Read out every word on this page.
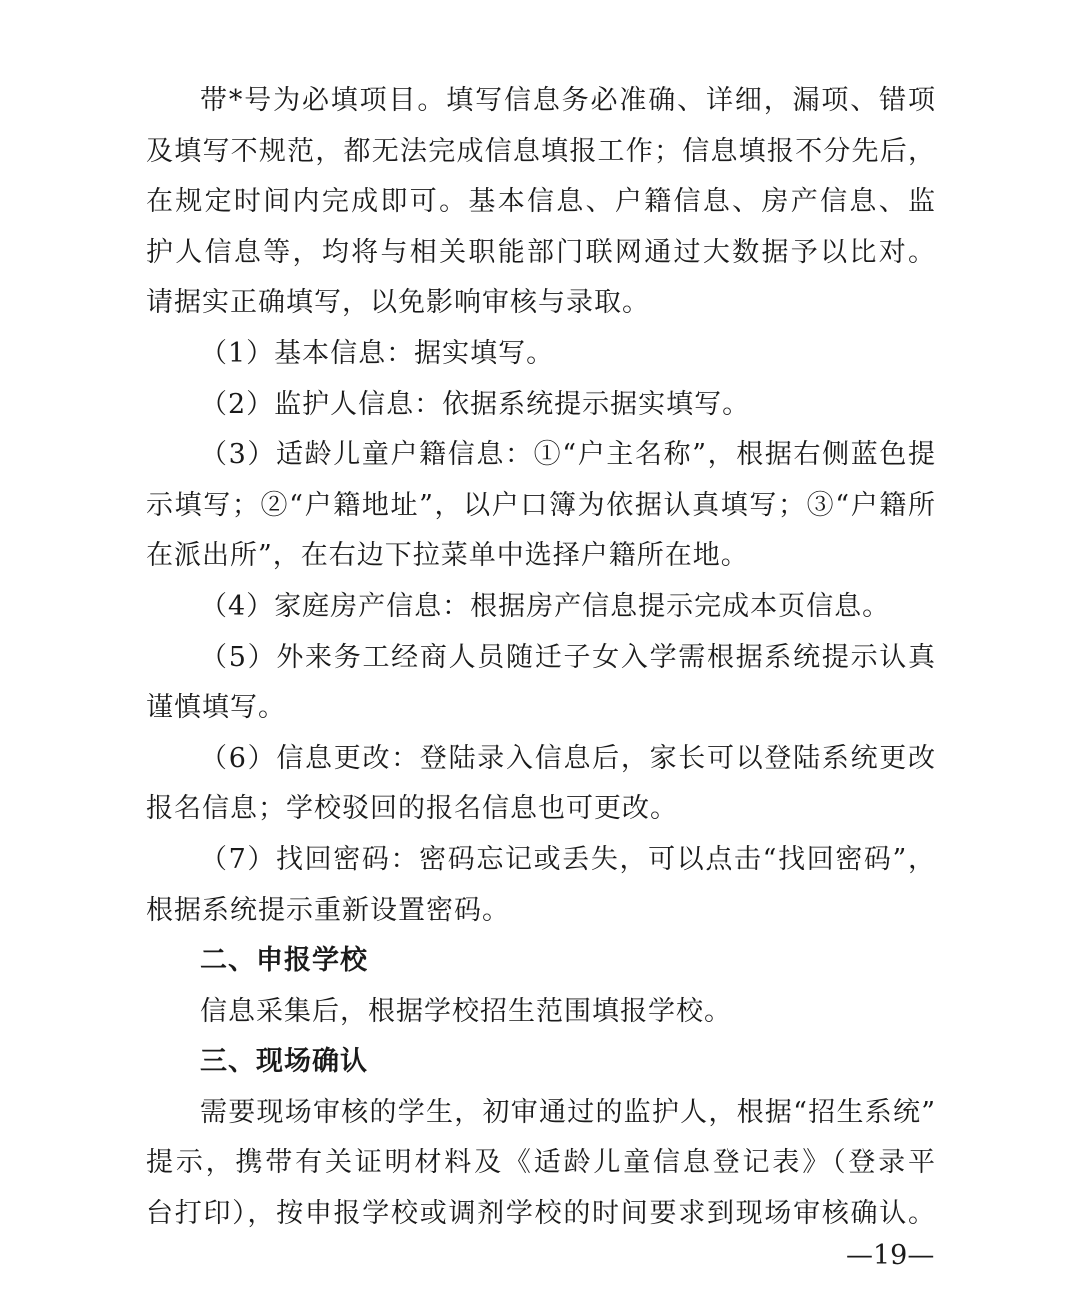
带*号为必填项目。填写信息务必准确、详细，漏项、错项
及填写不规范，都无法完成信息填报工作；信息填报不分先后，
在规定时间内完成即可。基本信息、户籍信息、房产信息、监
护人信息等，均将与相关职能部门联网通过大数据予以比对。
请据实正确填写，以免影响审核与录取。
（1）基本信息：据实填写。
（2）监护人信息：依据系统提示据实填写。
（3）适龄儿童户籍信息：①“户主名称”，根据右侧蓝色提
示填写；②“户籍地址”，以户口簿为依据认真填写；③“户籍所
在派出所”，在右边下拉菜单中选择户籍所在地。
（4）家庭房产信息：根据房产信息提示完成本页信息。
（5）外来务工经商人员随迁子女入学需根据系统提示认真
谨慎填写。
（6）信息更改：登陆录入信息后，家长可以登陆系统更改
报名信息；学校驳回的报名信息也可更改。
（7）找回密码：密码忘记或丢失，可以点击“找回密码”，
根据系统提示重新设置密码。
二、申报学校
信息采集后，根据学校招生范围填报学校。
三、现场确认
需要现场审核的学生，初审通过的监护人，根据“招生系统”
提示，携带有关证明材料及《适龄儿童信息登记表》（登录平
台打印），按申报学校或调剂学校的时间要求到现场审核确认。
—19—
